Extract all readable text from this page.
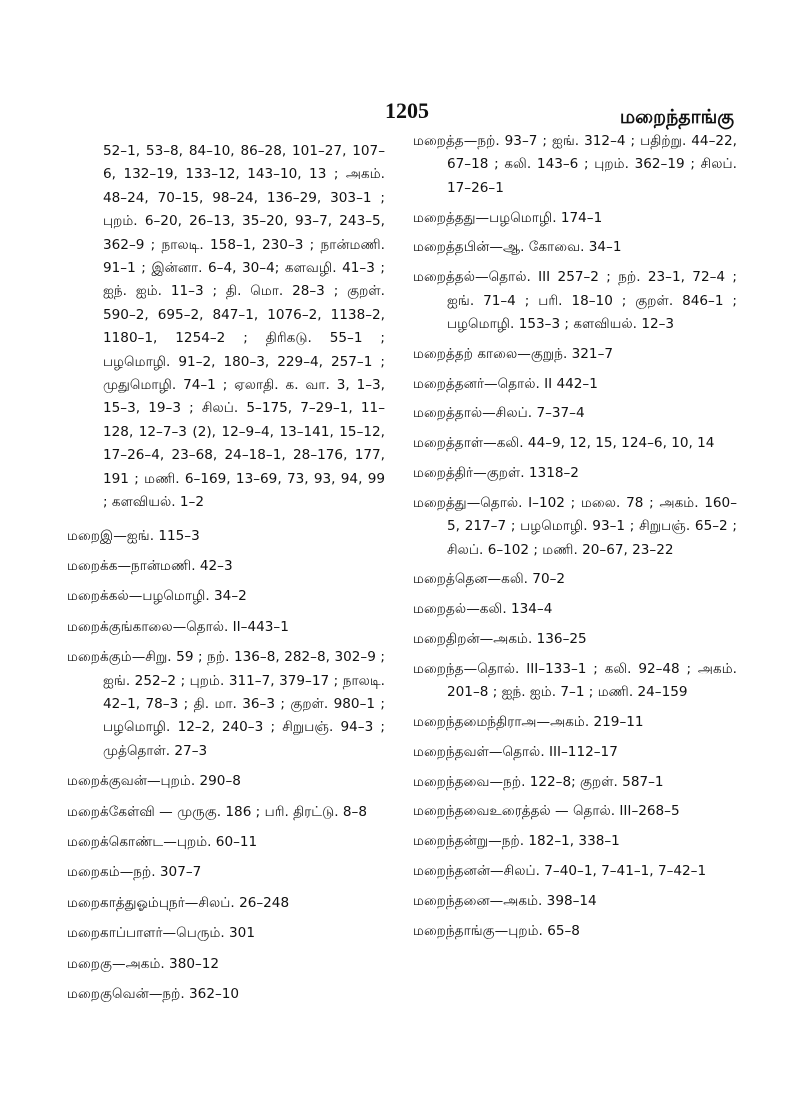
1205	மறைந்தாங்கு
52–1, 53–8, 84–10, 86–28, 101–27, 107–6, 132–19, 133–12, 143–10, 13 ; அகம். 48–24, 70–15, 98–24, 136–29, 303–1 ; புறம். 6–20, 26–13, 35–20, 93–7, 243–5, 362–9 ; நாலடி. 158–1, 230–3 ; நான்மணி. 91–1 ; இன்னா. 6–4, 30–4; களவழி. 41–3 ; ஐந். ஐம். 11–3 ; தி. மொ. 28–3 ; குறள். 590–2, 695–2, 847–1, 1076–2, 1138–2, 1180–1, 1254–2 ; திரிகடு. 55–1 ; பழமொழி. 91–2, 180–3, 229–4, 257–1 ; முதுமொழி. 74–1 ; ஏலாதி. க. வா. 3, 1–3, 15–3, 19–3 ; சிலப். 5–175, 7–29–1, 11–128, 12–7–3 (2), 12–9–4, 13–141, 15–12, 17–26–4, 23–68, 24–18–1, 28–176, 177, 191 ; மணி. 6–169, 13–69, 73, 93, 94, 99 ; களவியல். 1–2
மறைஇ—ஐங். 115–3
மறைக்க—நான்மணி. 42–3
மறைக்கல்—பழமொழி. 34–2
மறைக்குங்காலை—தொல். II–443–1
மறைக்கும்—சிறு. 59 ; நற். 136–8, 282–8, 302–9 ; ஐங். 252–2 ; புறம். 311–7, 379–17 ; நாலடி. 42–1, 78–3 ; தி. மா. 36–3 ; குறள். 980–1 ; பழமொழி. 12–2, 240–3 ; சிறுபஞ். 94–3 ; முத்தொள். 27–3
மறைக்குவன்—புறம். 290–8
மறைக்கேள்வி — முருகு. 186 ; பரி. திரட்டு. 8–8
மறைக்கொண்ட—புறம். 60–11
மறைகம்—நற். 307–7
மறைகாத்துஓம்புநர்—சிலப். 26–248
மறைகாப்பாளர்—பெரும். 301
மறைகு—அகம். 380–12
மறைகுவென்—நற். 362–10
மறைத்த—நற். 93–7 ; ஐங். 312–4 ; பதிற்று. 44–22, 67–18 ; கலி. 143–6 ; புறம். 362–19 ; சிலப். 17–26–1
மறைத்தது—பழமொழி. 174–1
மறைத்தபின்—ஆ. கோவை. 34–1
மறைத்தல்—தொல். III 257–2 ; நற். 23–1, 72–4 ; ஐங். 71–4 ; பரி. 18–10 ; குறள். 846–1 ; பழமொழி. 153–3 ; களவியல். 12–3
மறைத்தற் காலை—குறுந். 321–7
மறைத்தனர்—தொல். II 442–1
மறைத்தால்—சிலப். 7–37–4
மறைத்தாள்—கலி. 44–9, 12, 15, 124–6, 10, 14
மறைத்திர்—குறள். 1318–2
மறைத்து—தொல். I–102 ; மலை. 78 ; அகம். 160–5, 217–7 ; பழமொழி. 93–1 ; சிறுபஞ். 65–2 ; சிலப். 6–102 ; மணி. 20–67, 23–22
மறைத்தென—கலி. 70–2
மறைதல்—கலி. 134–4
மறைதிறன்—அகம். 136–25
மறைந்த—தொல். III–133–1 ; கலி. 92–48 ; அகம். 201–8 ; ஐந். ஐம். 7–1 ; மணி. 24–159
மறைந்தமைந்திராஅ—அகம். 219–11
மறைந்தவள்—தொல். III–112–17
மறைந்தவை—நற். 122–8; குறள். 587–1
மறைந்தவைஉரைத்தல் — தொல். III–268–5
மறைந்தன்று—நற். 182–1, 338–1
மறைந்தனன்—சிலப். 7–40–1, 7–41–1, 7–42–1
மறைந்தனை—அகம். 398–14
மறைந்தாங்கு—புறம். 65–8
